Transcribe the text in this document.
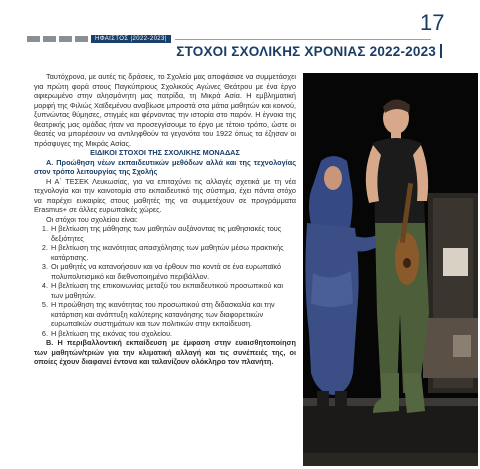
17
ΗΦΑΙΣΤΟΣ |2022-2023|
ΣΤΟΧΟΙ ΣΧΟΛΙΚΗΣ ΧΡΟΝΙΑΣ 2022-2023

Ταυτόχρονα, με αυτές τις δράσεις, το Σχολείο μας αποφάσισε να συμμετάσχει για πρώτη φορά στους Παγκύπριους Σχολικούς Αγώνες Θεάτρου με ένα έργο αφιερωμένο στην αλησμόνητη μας πατρίδα, τη Μικρά Ασία. Η εμβληματική μορφή της Φιλιώς Χαϊδεμένου αναβίωσε μπροστά στα μάτια μαθητών και κοινού, ξυπνώντας θύμησες, στιγμές και φέρνοντας την ιστορία στο παρόν. Η έγνοια της θεατρικής μας ομάδας ήταν να προσεγγίσουμε το έργο με τέτοιο τρόπο, ώστε οι θεατές να μπορέσουν να αντιληφθούν τα γεγονότα του 1922 όπως τα έζησαν οι πρόσφυγες της Μικράς Ασίας.

ΕΙΔΙΚΟΙ ΣΤΟΧΟΙ ΤΗΣ ΣΧΟΛΙΚΗΣ ΜΟΝΑΔΑΣ

Α. Προώθηση νέων εκπαιδευτικών μεθόδων αλλά και της τεχνολογίας στον τρόπο λειτουργίας της Σχολής

Η Α΄ ΤΕΣΕΚ Λευκωσίας, για να επιταχύνει τις αλλαγές σχετικά με τη νέα τεχνολογία και την καινοτομία στο εκπαιδευτικό της σύστημα, έχει πάντα στόχο να παρέχει ευκαιρίες στους μαθητές της να συμμετέχουν σε προγράμματα Erasmus+ σε άλλες ευρωπαϊκές χώρες.

Οι στόχοι του σχολείου είναι:

1. Η βελτίωση της μάθησης των μαθητών αυξάνοντας τις μαθησιακές τους δεξιότητες
2. Η βελτίωση της ικανότητας απασχόλησης των μαθητών μέσω πρακτικής κατάρτισης.
3. Οι μαθητές να κατανοήσουν και να έρθουν πιο κοντά σε ένα ευρωπαϊκό πολυπολιτισμικό και διεθνοποιημένο περιβάλλον.
4. Η βελτίωση της επικοινωνίας μεταξύ του εκπαιδευτικού προσωπικού και των μαθητών.
5. Η προώθηση της ικανότητας του προσωπικού στη διδασκαλία και την κατάρτιση και ανάπτυξη καλύτερης κατανόησης των διαφορετικών ευρωπαϊκών συστημάτων και των πολιτικών στην εκπαίδευση.
6. Η βελτίωση της εικόνας του σχολείου.

Β. Η περιβαλλοντική εκπαίδευση με έμφαση στην ευαισθητοποίηση των μαθητών/τριών για την κλιματική αλλαγή και τις συνέπειές της, οι οποίες έχουν διαφανεί έντονα και ταλανίζουν ολόκληρο τον πλανήτη.
